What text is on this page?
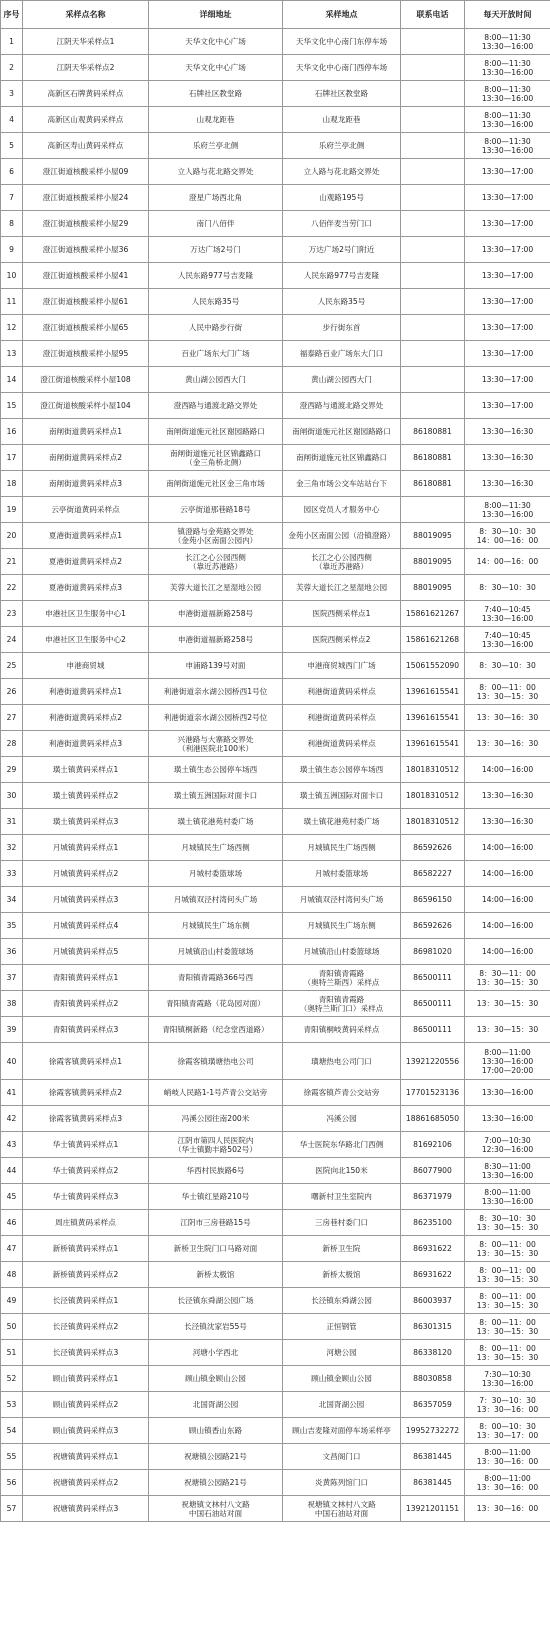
序号	采样点名称	详细地址	采样地点	联系电话	每天开放时间
1	江阴天华采样点1	天华文化中心广场	天华文化中心南门东停车场		8:00—11:30
13:30—16:00
2	江阴天华采样点2	天华文化中心广场	天华文化中心南门西停车场		8:00—11:30
13:30—16:00
3	高新区石牌黄码采样点	石牌社区教堂路	石牌社区教堂路		8:00—11:30
13:30—16:00
4	高新区山观黄码采样点	山观龙距巷	山观龙距巷		8:00—11:30
13:30—16:00
5	高新区寿山黄码采样点	乐府兰亭北侧	乐府兰亭北侧		8:00—11:30
13:30—16:00
6	澄江街道核酸采样小屋09	立人路与花北路交界处	立人路与花北路交界处		13:30—17:00
7	澄江街道核酸采样小屋24	澄星广场西北角	山观路195号		13:30—17:00
8	澄江街道核酸采样小屋29	南门八佰伴	八佰伴麦当劳门口		13:30—17:00
9	澄江街道核酸采样小屋36	万达广场2号门	万达广场2号门附近		13:30—17:00
10	澄江街道核酸采样小屋41	人民东路977号吉麦隆	人民东路977号吉麦隆		13:30—17:00
11	澄江街道核酸采样小屋61	人民东路35号	人民东路35号		13:30—17:00
12	澄江街道核酸采样小屋65	人民中路步行街	步行街东首		13:30—17:00
13	澄江街道核酸采样小屋95	百业广场东大门广场	福泰路百业广场东大门口		13:30—17:00
14	澄江街道核酸采样小屋108	黄山湖公园西大门	黄山湖公园西大门		13:30—17:00
15	澄江街道核酸采样小屋104	澄西路与通渡北路交界处	澄西路与通渡北路交界处		13:30—17:00
16	南闸街道黄码采样点1	南闸街道施元社区谢园路路口	南闸街道施元社区谢园路路口	86180881	13:30—16:30
17	南闸街道黄码采样点2	南闸街道施元社区锦鑫路口
（金三角桥北侧）	南闸街道施元社区锦鑫路口	86180881	13:30—16:30
18	南闸街道黄码采样点3	南闸街道施元社区金三角市场	金三角市场公交车站站台下	86180881	13:30—16:30
19	云亭街道黄码采样点	云亭街道那巷路18号	园区党员人才服务中心		8:00—11:30
13:30—16:00
20	夏港街道黄码采样点1	镇澄路与金苑路交界处
（金苑小区南面公园内）	金苑小区南面公园（沿镇澄路）	88019095	8：30—10：30
14：00—16：00
21	夏港街道黄码采样点2	长江之心公园西侧
（靠近苏港路）	长江之心公园西侧
（靠近苏港路）	88019095	14：00—16：00
22	夏港街道黄码采样点3	芙蓉大道长江之星湿地公园	芙蓉大道长江之星湿地公园	88019095	8：30—10：30
23	申港社区卫生服务中心1	申港街道福新路258号	医院西侧采样点1	15861621267	7:40—10:45
13:30—16:00
24	申港社区卫生服务中心2	申港街道福新路258号	医院西侧采样点2	15861621268	7:40—10:45
13:30—16:00
25	申港商贸城	申浦路139号对面	申港商贸城西门广场	15061552090	8：30—10：30
26	利港街道黄码采样点1	利港街道亲水湖公园桥西1号位	利港街道黄码采样点	13961615541	8：00—11：00
13：30—15：30
27	利港街道黄码采样点2	利港街道亲水湖公园桥西2号位	利港街道黄码采样点	13961615541	13：30—16：30
28	利港街道黄码采样点3	兴港路与大寨路交界处
（利港医院北100米）	利港街道黄码采样点	13961615541	13：30—16：30
29	璜土镇黄码采样点1	璜土镇生态公园停车场西	璜土镇生态公园停车场西	18018310512	14:00—16:00
30	璜土镇黄码采样点2	璜土镇五洲国际对面卡口	璜土镇五洲国际对面卡口	18018310512	13:30—16:30
31	璜土镇黄码采样点3	璜土镇花港苑村委广场	璜土镇花港苑村委广场	18018310512	13:30—16:30
32	月城镇黄码采样点1	月城镇民生广场西侧	月城镇民生广场西侧	86592626	14:00—16:00
33	月城镇黄码采样点2	月城村委篮球场	月城村委篮球场	86582227	14:00—16:00
34	月城镇黄码采样点3	月城镇双泾村湾何头广场	月城镇双泾村湾何头广场	86596150	14:00—16:00
35	月城镇黄码采样点4	月城镇民生广场东侧	月城镇民生广场东侧	86592626	14:00—16:00
36	月城镇黄码采样点5	月城镇沿山村委篮球场	月城镇沿山村委篮球场	86981020	14:00—16:00
37	青阳镇黄码采样点1	青阳镇青霞路366号西	青阳镇青霞路
（奥特兰斯西）采样点	86500111	8：30—11：00
13：30—15：30
38	青阳镇黄码采样点2	青阳镇青霞路（花岛园对面）	青阳镇青霞路
（奥特兰斯门口）采样点	86500111	13：30—15：30
39	青阳镇黄码采样点3	青阳镇桐新路（纪念堂西道路）	青阳镇桐岐黄码采样点	86500111	13：30—15：30
40	徐霞客镇黄码采样点1	徐霞客镇璜塘热电公司	璜塘热电公司门口	13921220556	8:00—11:00
13:30—16:00
17:00—20:00
41	徐霞客镇黄码采样点2	峭岐人民路1-1号芦青公交站旁	徐霞客镇芦青公交站旁	17701523136	13:30—16:00
42	徐霞客镇黄码采样点3	冯溪公园往南200米	冯溪公园	18861685050	13:30—16:00
43	华士镇黄码采样点1	江阴市第四人民医院内
（华士镇勤丰路502号）	华士医院东华路北门西侧	81692106	7:00—10:30
12:30—16:00
44	华士镇黄码采样点2	华西村民族路6号	医院向北150米	86077900	8:30—11:00
13:30—16:00
45	华士镇黄码采样点3	华士镇红星路210号	曙新村卫生室院内	86371979	8:00—11:00
13:30—16:00
46	周庄镇黄码采样点	江阴市三房巷路15号	三房巷村委门口	86235100	8：30—10：30
13：30—15：30
47	新桥镇黄码采样点1	新桥卫生院门口马路对面	新桥卫生院	86931622	8：00—11：00
13：30—15：30
48	新桥镇黄码采样点2	新桥太极馆	新桥太极馆	86931622	8：00—11：00
13：30—15：30
49	长泾镇黄码采样点1	长泾镇东舜湖公园广场	长泾镇东舜湖公园	86003937	8：00—11：00
13：30—15：30
50	长泾镇黄码采样点2	长泾镇沈家岩55号	正恒钢管	86301315	8：00—11：00
13：30—15：30
51	长泾镇黄码采样点3	河塘小学西北	河塘公园	86338120	8：00—11：00
13：30—15：30
52	顾山镇黄码采样点1	顾山镇金顾山公园	顾山镇金顾山公园	88030858	7:30—10:30
13:30—16:00
53	顾山镇黄码采样点2	北国胥湖公园	北国胥湖公园	86357059	7：30—10：30
13：30—16：00
54	顾山镇黄码采样点3	顾山镇香山东路	顾山吉麦隆对面停车场采样亭	19952732272	8：00—10：30
13：30—17：00
55	祝塘镇黄码采样点1	祝塘镇公园路21号	文昌阁门口	86381445	8:00—11:00
13：30—16：00
56	祝塘镇黄码采样点2	祝塘镇公园路21号	炎黄陈列馆门口	86381445	8:00—11:00
13：30—16：00
57	祝塘镇黄码采样点3	祝塘镇文林村八文路
中国石油站对面	祝塘镇文林村八文路
中国石油站对面	13921201151	13：30—16：00
